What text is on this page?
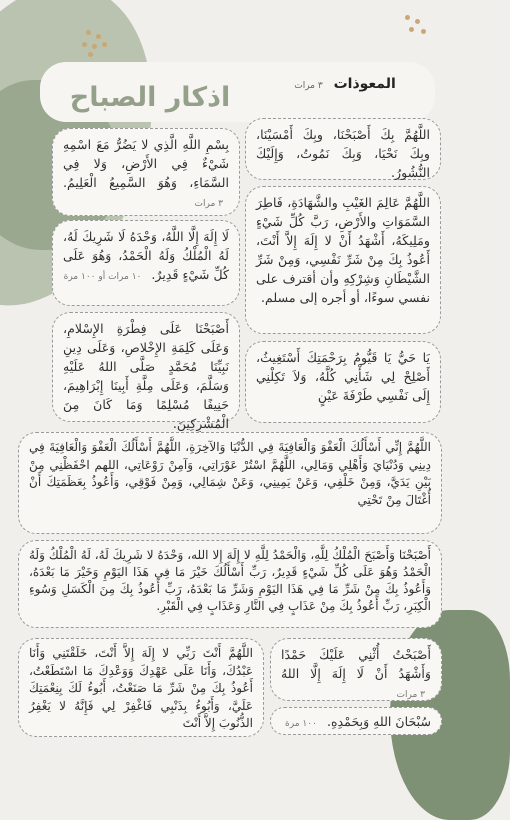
اذكار الصباح	المعوذات ٣ مرات
اللَّهُمَّ بِكَ أَصْبَحْنَا، وبِكَ أَمْسَيْنَا، وبِكَ نَحْيَا، وَبِكَ نَمُوتُ، وَإِلَيْكَ النُّشُورُ.
اللَّهُمَّ عَالِمَ الغَيْبِ والشَّهَادَةِ، فَاطِرَ السَّمَوَاتِ والأَرْضِ، رَبَّ كُلِّ شَيْءٍ ومَلِيكَهُ، أَشْهَدُ أَنْ لا إِلَهَ إِلاَّ أَنْتَ، أَعُوذُ بِكَ مِنْ شَرِّ نَفْسِي، وَمِنْ شَرِّ الشَّيْطَانِ وَشِرْكِهِ وأن أقترف على نفسي سوءًا، أو أجره إلى مسلم.
يَا حَيُّ يَا قَيُّومُ بِرَحْمَتِكَ أَسْتَغِيثُ، أَصْلِحْ لِي شَأْنِي كُلَّهُ، وَلاَ تَكِلْنِي إِلَى نَفْسِي طَرْفَةَ عَيْنٍ
بِسْمِ اللَّهِ الَّذِي لا يَضُرُّ مَعَ اسْمِهِ شَيْءٌ فِي الأَرْضِ، وَلا فِي السَّمَاءِ، وَهُوَ السَّمِيعُ الْعَلِيمُ. ٣ مرات
لَا إِلَهَ إِلَّا اللَّهُ، وَحْدَهُ لَا شَرِيكَ لَهُ، لَهُ الْمُلْكُ وَلَهُ الْحَمْدُ، وَهُوَ عَلَى كُلِّ شَيْءٍ قَدِيرٌ. ١٠ مرات أو ١٠٠ مرة
أَصْبَحْنَا عَلَى فِطْرَةِ الإِسْلامِ، وَعَلَى كَلِمَةِ الإِخْلاصِ، وَعَلَى دِينِ نَبِيِّنَا مُحَمَّدٍ صَلَّى اللهُ عَلَيْهِ وَسَلَّمَ، وَعَلَى مِلَّةِ أَبِينَا إِبْرَاهِيمَ، حَنِيفًا مُسْلِمًا وَمَا كَانَ مِنَ الْمُشْرِكِينَ.
اللَّهُمَّ إِنِّي أَسْأَلُكَ الْعَفْوَ وَالْعَافِيَةَ فِي الدُّنْيَا وَالآخِرَةِ، اللَّهُمَّ أَسْأَلُكَ الْعَفْوَ وَالْعَافِيَةَ فِي دِينِي وَدُنْيَايَ وَأَهْلِي وَمَالِي، اللَّهُمَّ اسْتُرْ عَوْرَاتِي، وَآمِنْ رَوْعَاتِي، اللهم احْفَظْنِي مِنْ بَيْنِ يَدَيَّ، وَمِنْ خَلْفِي، وَعَنْ يَمِينِي، وَعَنْ شِمَالِي، وَمِنْ فَوْقِي، وَأَعُوذُ بِعَظَمَتِكَ أَنْ أُغْتَالَ مِنْ تَحْتِي
أَصْبَحْنَا وَأَصْبَحَ الْمُلْكُ لِلَّهِ، وَالْحَمْدُ لِلَّهِ لا إِلَهَ إِلا الله، وَحْدَهُ لا شَرِيكَ لَهُ، لَهُ الْمُلْكُ وَلَهُ الْحَمْدُ وَهُوَ عَلَى كُلِّ شَيْءٍ قَدِيرٌ، رَبِّ أَسْأَلُكَ خَيْرَ مَا فِي هَذَا اليَوْمِ وَخَيْرَ مَا بَعْدَهُ، وَأَعُوذُ بِكَ مِنْ شَرِّ مَا فِي هَذَا اليَوْمِ وَشَرِّ مَا بَعْدَهُ، رَبِّ أَعُوذُ بِكَ مِنَ الْكَسَلِ وَسُوءِ الْكِبَرِ، رَبِّ أَعُوذُ بِكَ مِنْ عَذَابٍ فِي النَّارِ وَعَذَابٍ فِي الْقَبْرِ.
أَصْبَحْتُ أُثْنِي عَلَيْكَ حَمْدًا وَأَشْهَدُ أَنْ لَا إِلَهَ إِلَّا اللهُ ٣ مرات
سُبْحَانَ اللهِ وَبِحَمْدِهِ. ١٠٠ مرة
اللَّهُمَّ أَنْتَ رَبِّي لا إِلَهَ إِلاَّ أَنْتَ، خَلَقْتَنِي وَأَنَا عَبْدُكَ، وَأَنَا عَلَى عَهْدِكَ وَوَعْدِكَ مَا اسْتَطَعْتُ، أَعُوذُ بِكَ مِنْ شَرِّ مَا صَنَعْتُ، أَبُوءُ لَكَ بِنِعْمَتِكَ عَلَيَّ، وَأَبُوءُ بِذَنْبِي فَاغْفِرْ لِي فَإِنَّهُ لا يَغْفِرُ الذُّنُوبَ إِلاَّ أَنْتَ
